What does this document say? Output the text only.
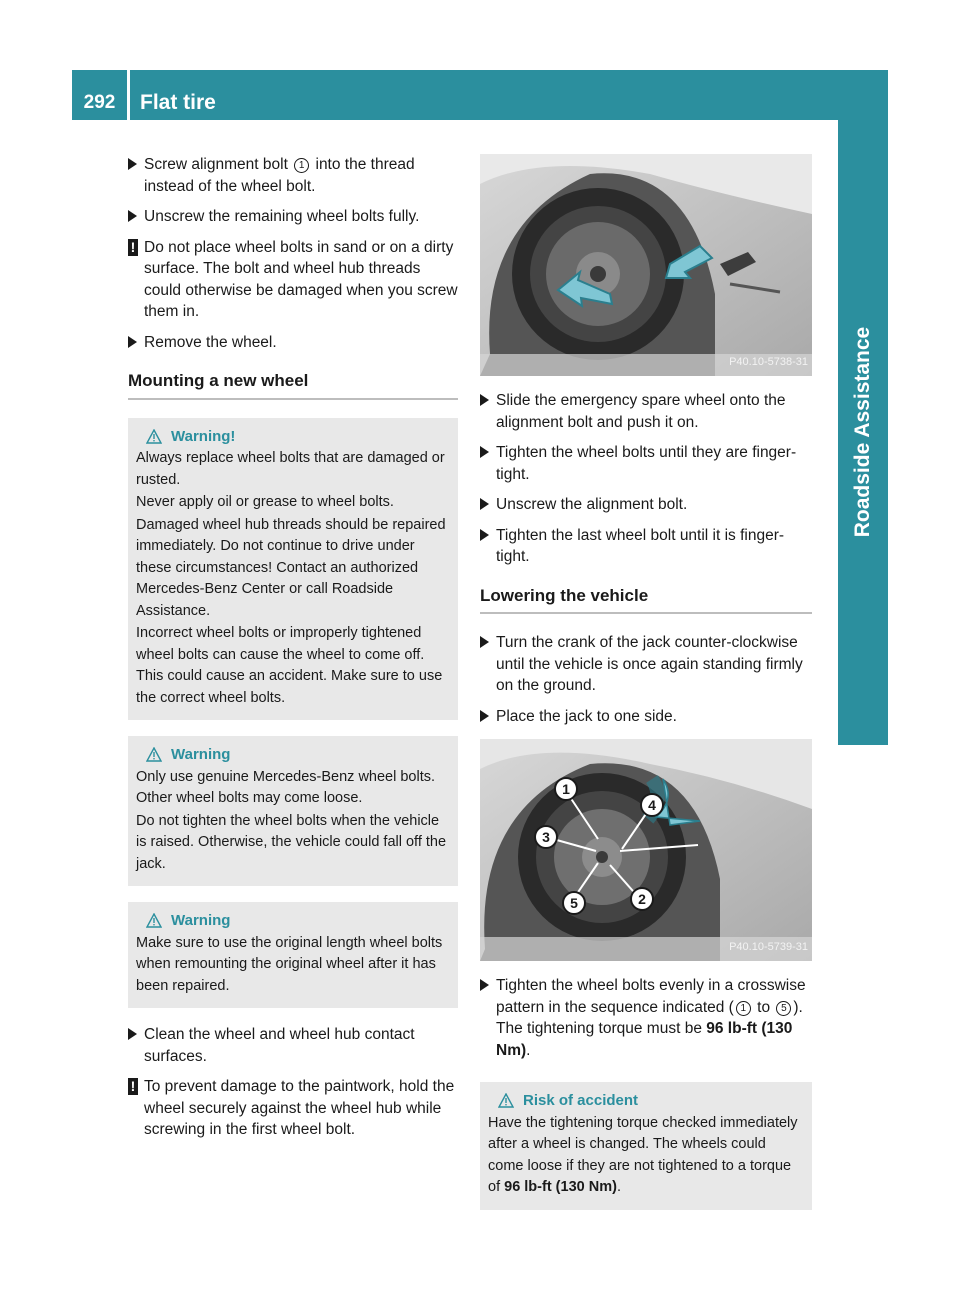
292	Flat tire
Roadside Assistance
Screw alignment bolt 1 into the thread instead of the wheel bolt.
Unscrew the remaining wheel bolts fully.
! Do not place wheel bolts in sand or on a dirty surface. The bolt and wheel hub threads could otherwise be damaged when you screw them in.
Remove the wheel.
Mounting a new wheel
Warning!

Always replace wheel bolts that are damaged or rusted.

Never apply oil or grease to wheel bolts.

Damaged wheel hub threads should be repaired immediately. Do not continue to drive under these circumstances! Contact an authorized Mercedes-Benz Center or call Roadside Assistance.

Incorrect wheel bolts or improperly tightened wheel bolts can cause the wheel to come off. This could cause an accident. Make sure to use the correct wheel bolts.

Warning

Only use genuine Mercedes-Benz wheel bolts. Other wheel bolts may come loose.

Do not tighten the wheel bolts when the vehicle is raised. Otherwise, the vehicle could fall off the jack.

Warning

Make sure to use the original length wheel bolts when remounting the original wheel after it has been repaired.

Clean the wheel and wheel hub contact surfaces.
! To prevent damage to the paintwork, hold the wheel securely against the wheel hub while screwing in the first wheel bolt.
P40.10-5738-31
Slide the emergency spare wheel onto the alignment bolt and push it on.
Tighten the wheel bolts until they are finger-tight.
Unscrew the alignment bolt.
Tighten the last wheel bolt until it is finger-tight.
Lowering the vehicle
Turn the crank of the jack counter-clockwise until the vehicle is once again standing firmly on the ground.
Place the jack to one side.
1
4
3
5	2
P40.10-5739-31
Tighten the wheel bolts evenly in a crosswise pattern in the sequence indicated ( 1 to 5 ). The tightening torque must be 96 lb-ft (130 Nm).
Risk of accident

Have the tightening torque checked immediately after a wheel is changed. The wheels could come loose if they are not tightened to a torque of 96 lb-ft (130 Nm).
